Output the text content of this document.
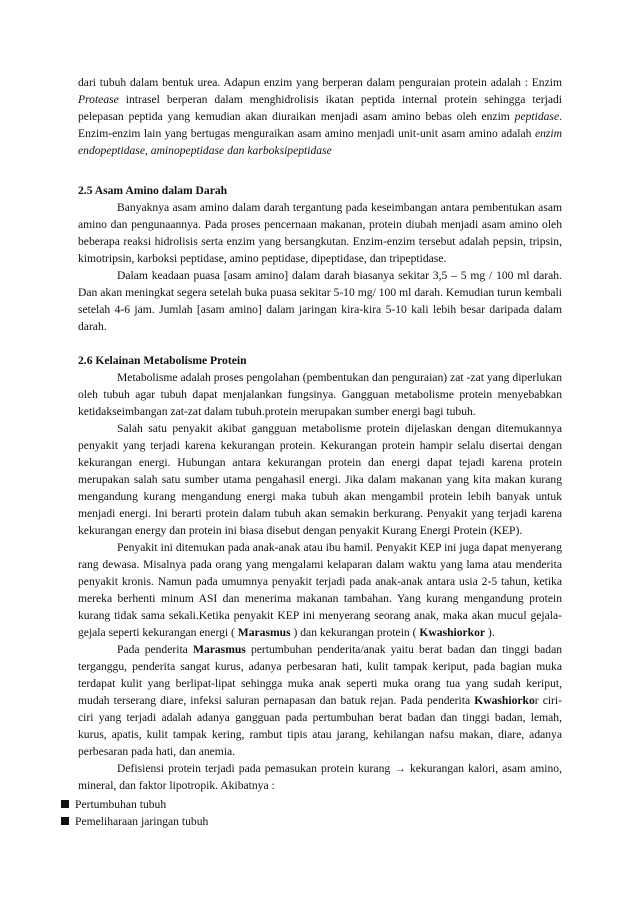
dari tubuh dalam bentuk urea. Adapun enzim yang berperan dalam penguraian protein adalah : Enzim Protease intrasel berperan dalam menghidrolisis ikatan peptida internal protein sehingga terjadi pelepasan peptida yang kemudian akan diuraikan menjadi asam amino bebas oleh enzim peptidase. Enzim-enzim lain yang bertugas menguraikan asam amino menjadi unit-unit asam amino adalah enzim endopeptidase, aminopeptidase dan karboksipeptidase

2.5 Asam Amino dalam Darah

Banyaknya asam amino dalam darah tergantung pada keseimbangan antara pembentukan asam amino dan pengunaannya. Pada proses pencernaan makanan, protein diubah menjadi asam amino oleh beberapa reaksi hidrolisis serta enzim yang bersangkutan. Enzim-enzim tersebut adalah pepsin, tripsin, kimotripsin, karboksi peptidase, amino peptidase, dipeptidase, dan tripeptidase.

Dalam keadaan puasa [asam amino] dalam darah biasanya sekitar 3,5 – 5 mg / 100 ml darah. Dan akan meningkat segera setelah buka puasa sekitar 5-10 mg/ 100 ml darah. Kemudian turun kembali setelah 4-6 jam. Jumlah [asam amino] dalam jaringan kira-kira 5-10 kali lebih besar daripada dalam darah.

2.6 Kelainan Metabolisme Protein

Metabolisme adalah proses pengolahan (pembentukan dan penguraian) zat -zat yang diperlukan oleh tubuh agar tubuh dapat menjalankan fungsinya. Gangguan metabolisme protein menyebabkan ketidakseimbangan zat-zat dalam tubuh.protein merupakan sumber energi bagi tubuh.

Salah satu penyakit akibat gangguan metabolisme protein dijelaskan dengan ditemukannya penyakit yang terjadi karena kekurangan protein. Kekurangan protein hampir selalu disertai dengan kekurangan energi. Hubungan antara kekurangan protein dan energi dapat tejadi karena protein merupakan salah satu sumber utama pengahasil energi. Jika dalam makanan yang kita makan kurang mengandung kurang mengandung energi maka tubuh akan mengambil protein lebih banyak untuk menjadi energi. Ini berarti protein dalam tubuh akan semakin berkurang. Penyakit yang terjadi karena kekurangan energy dan protein ini biasa disebut dengan penyakit Kurang Energi Protein (KEP).

Penyakit ini ditemukan pada anak-anak atau ibu hamil. Penyakit KEP ini juga dapat menyerang rang dewasa. Misalnya pada orang yang mengalami kelaparan dalam waktu yang lama atau menderita penyakit kronis. Namun pada umumnya penyakit terjadi pada anak-anak antara usia 2-5 tahun, ketika mereka berhenti minum ASI dan menerima makanan tambahan. Yang kurang mengandung protein kurang tidak sama sekali.Ketika penyakit KEP ini menyerang seorang anak, maka akan mucul gejala-gejala seperti kekurangan energi ( Marasmus ) dan kekurangan protein ( Kwashiorkor ).

Pada penderita Marasmus pertumbuhan penderita/anak yaitu berat badan dan tinggi badan terganggu, penderita sangat kurus, adanya perbesaran hati, kulit tampak keriput, pada bagian muka terdapat kulit yang berlipat-lipat sehingga muka anak seperti muka orang tua yang sudah keriput, mudah terserang diare, infeksi saluran pernapasan dan batuk rejan. Pada penderita Kwashiorkor ciri-ciri yang terjadi adalah adanya gangguan pada pertumbuhan berat badan dan tinggi badan, lemah, kurus, apatis, kulit tampak kering, rambut tipis atau jarang, kehilangan nafsu makan, diare, adanya perbesaran pada hati, dan anemia.

Defisiensi protein terjadi pada pemasukan protein kurang → kekurangan kalori, asam amino, mineral, dan faktor lipotropik. Akibatnya :

Pertumbuhan tubuh
Pemeliharaan jaringan tubuh
